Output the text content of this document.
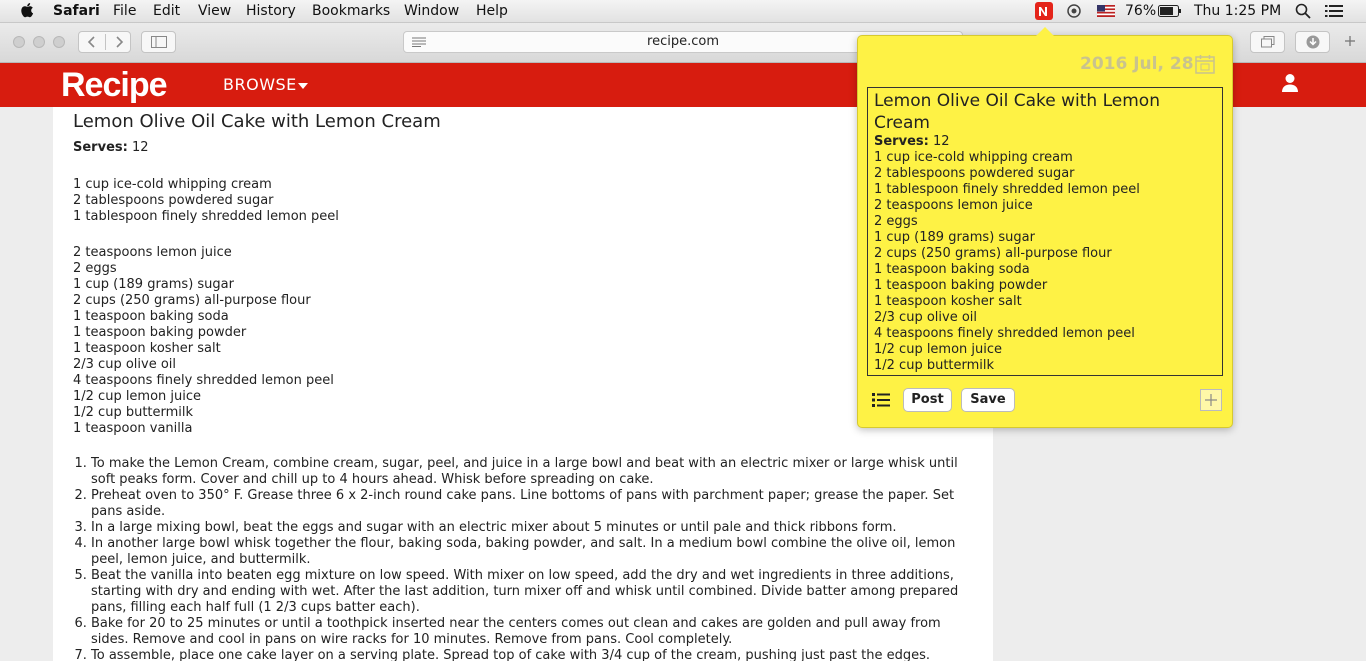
Safari File Edit View History Bookmarks Window Help	76%	Thu 1:25 PM
recipe.com
Recipe	BROWSE
Lemon Olive Oil Cake with Lemon Cream
Serves: 12
1 cup ice-cold whipping cream
2 tablespoons powdered sugar
1 tablespoon finely shredded lemon peel
2 teaspoons lemon juice
2 eggs
1 cup (189 grams) sugar
2 cups (250 grams) all-purpose flour
1 teaspoon baking soda
1 teaspoon baking powder
1 teaspoon kosher salt
2/3 cup olive oil
4 teaspoons finely shredded lemon peel
1/2 cup lemon juice
1/2 cup buttermilk
1 teaspoon vanilla
1. To make the Lemon Cream, combine cream, sugar, peel, and juice in a large bowl and beat with an electric mixer or large whisk until soft peaks form. Cover and chill up to 4 hours ahead. Whisk before spreading on cake.
2. Preheat oven to 350° F. Grease three 6 x 2-inch round cake pans. Line bottoms of pans with parchment paper; grease the paper. Set pans aside.
3. In a large mixing bowl, beat the eggs and sugar with an electric mixer about 5 minutes or until pale and thick ribbons form.
4. In another large bowl whisk together the flour, baking soda, baking powder, and salt. In a medium bowl combine the olive oil, lemon peel, lemon juice, and buttermilk.
5. Beat the vanilla into beaten egg mixture on low speed. With mixer on low speed, add the dry and wet ingredients in three additions, starting with dry and ending with wet. After the last addition, turn mixer off and whisk until combined. Divide batter among prepared pans, filling each half full (1 2/3 cups batter each).
6. Bake for 20 to 25 minutes or until a toothpick inserted near the centers comes out clean and cakes are golden and pull away from sides. Remove and cool in pans on wire racks for 10 minutes. Remove from pans. Cool completely.
7. To assemble, place one cake layer on a serving plate. Spread top of cake with 3/4 cup of the cream, pushing just past the edges.
2016 Jul, 28
Lemon Olive Oil Cake with Lemon Cream
Serves: 12
1 cup ice-cold whipping cream
2 tablespoons powdered sugar
1 tablespoon finely shredded lemon peel
2 teaspoons lemon juice
2 eggs
1 cup (189 grams) sugar
2 cups (250 grams) all-purpose flour
1 teaspoon baking soda
1 teaspoon baking powder
1 teaspoon kosher salt
2/3 cup olive oil
4 teaspoons finely shredded lemon peel
1/2 cup lemon juice
1/2 cup buttermilk
Post	Save
